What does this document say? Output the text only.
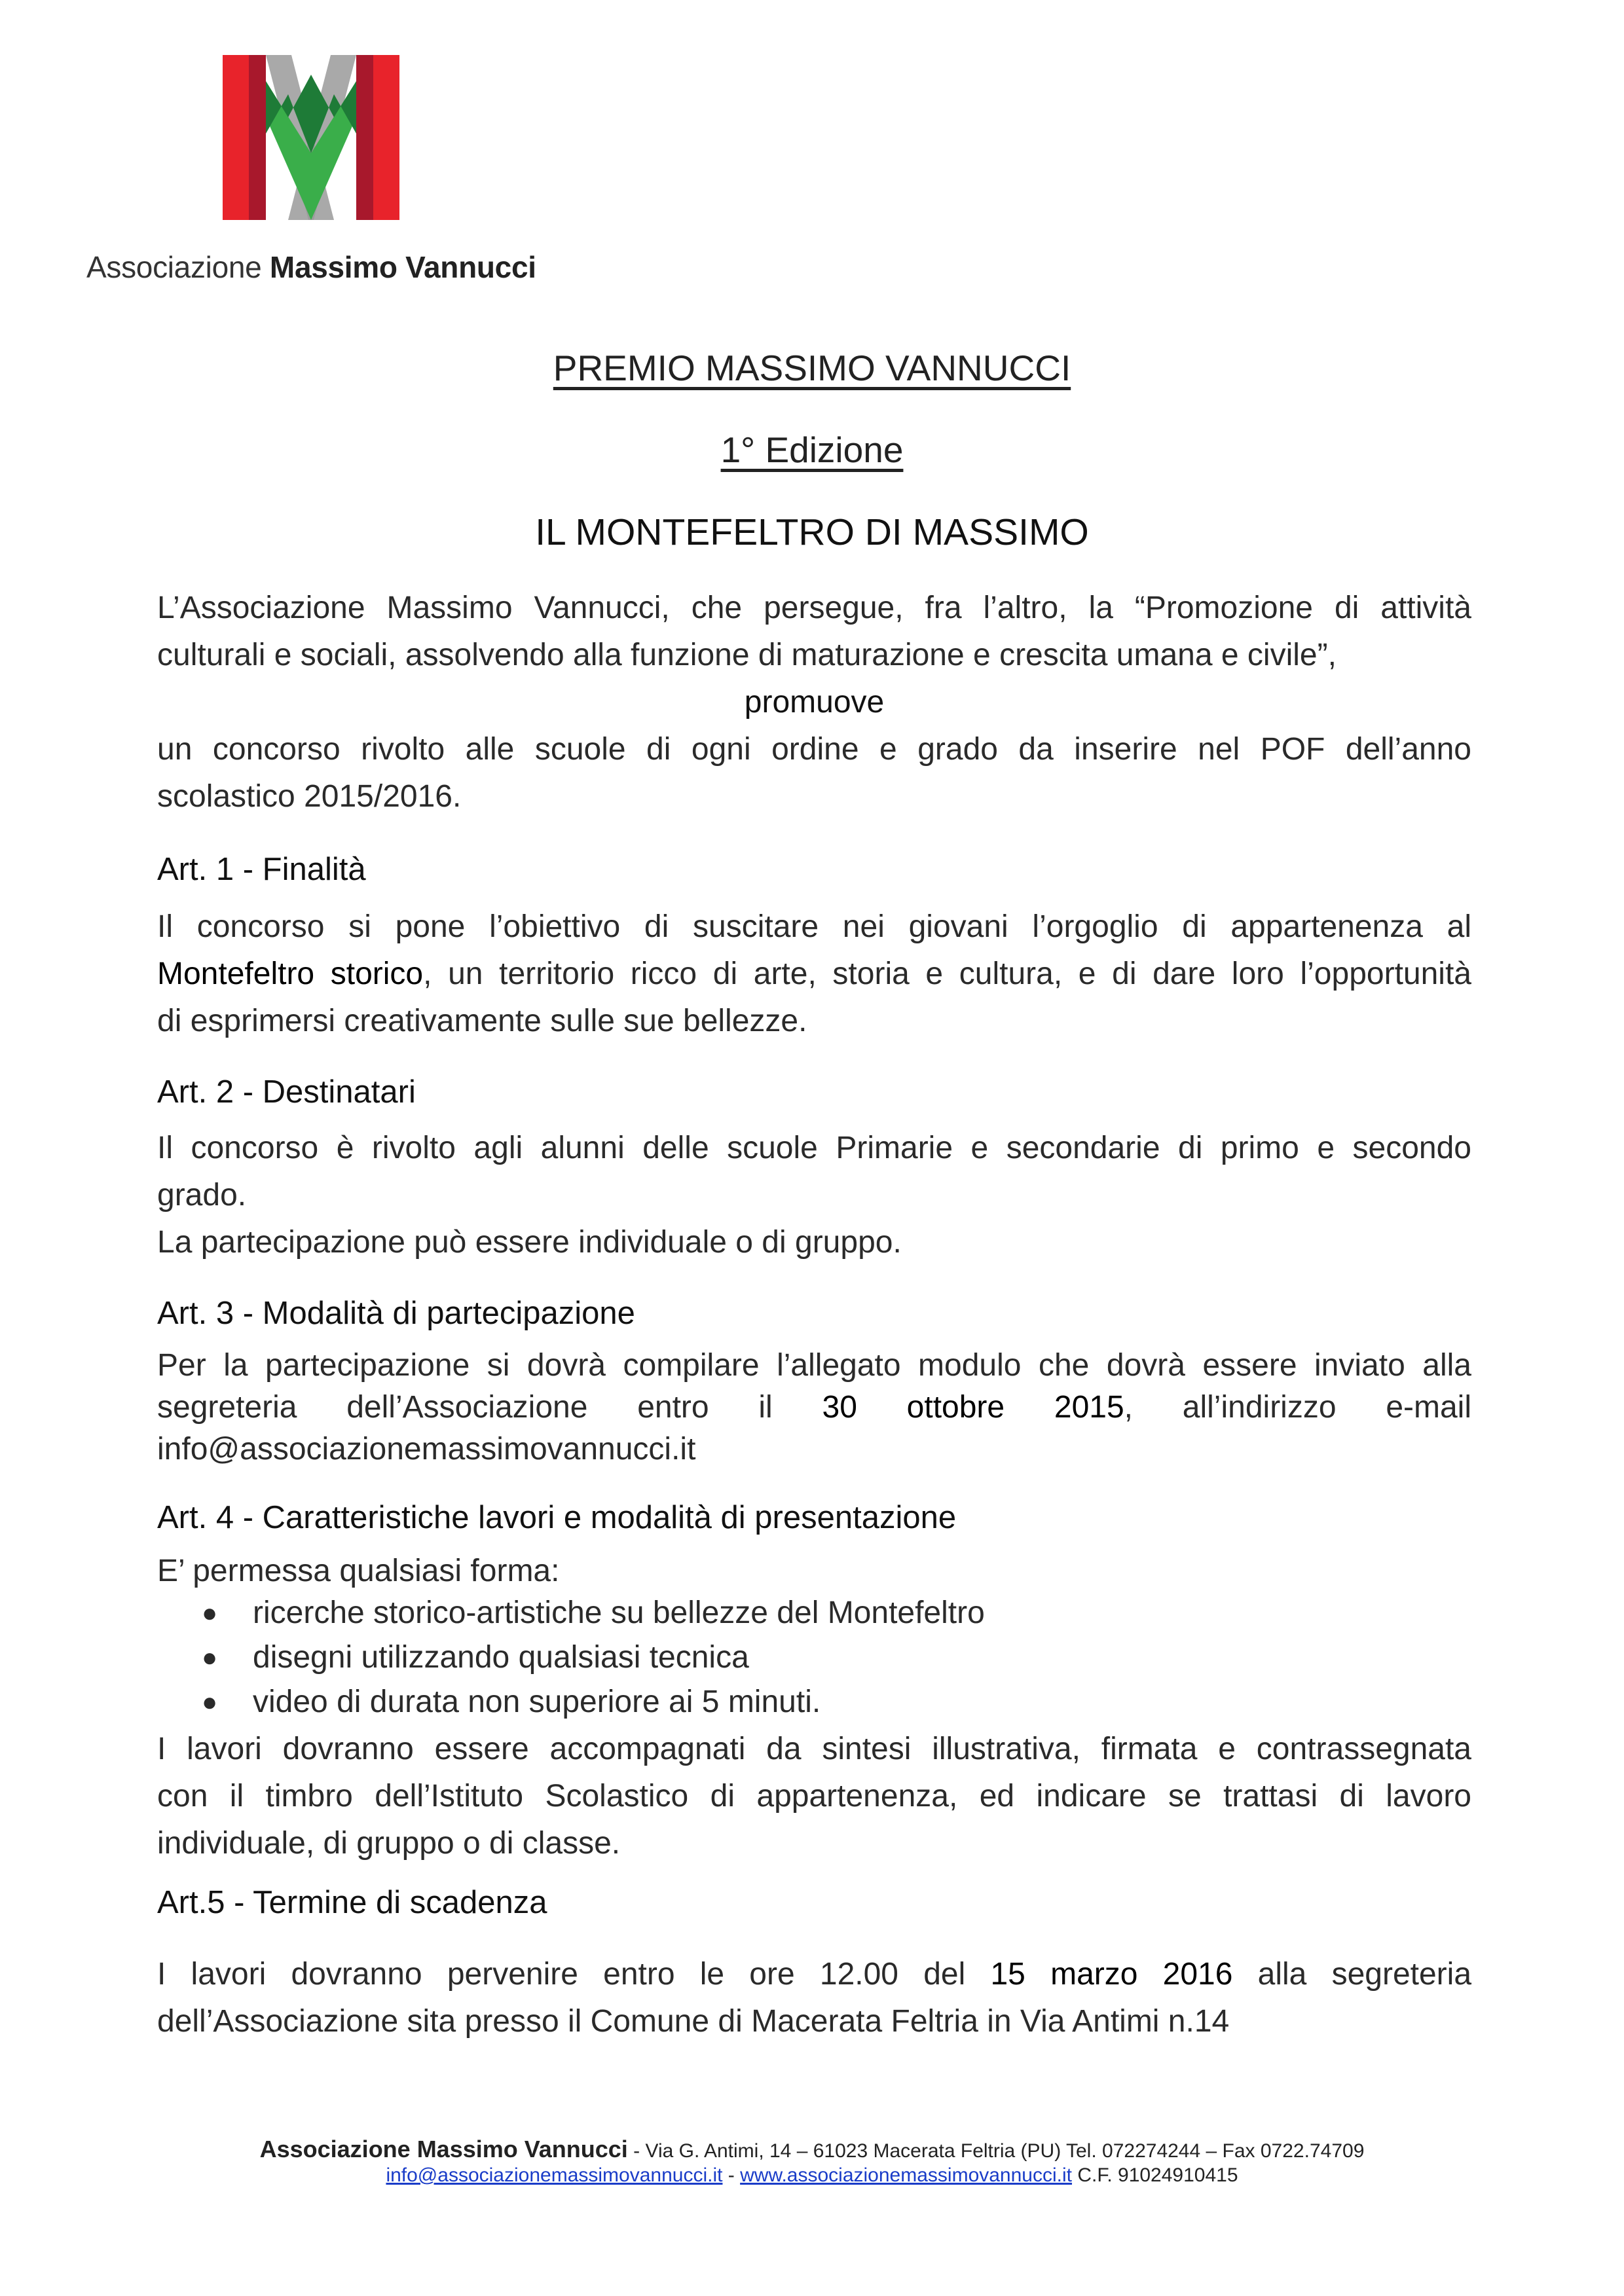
Associazione Massimo Vannucci
PREMIO MASSIMO VANNUCCI
1° Edizione
IL MONTEFELTRO DI MASSIMO
L’Associazione Massimo Vannucci, che persegue, fra l’altro, la “Promozione di attività
culturali e sociali, assolvendo alla funzione di maturazione e crescita umana e civile”,
promuove
un concorso rivolto alle scuole di ogni ordine e grado da inserire nel POF dell’anno
scolastico 2015/2016.
Art. 1 - Finalità
Il concorso si pone l’obiettivo di suscitare nei giovani l’orgoglio di appartenenza al
Montefeltro storico, un territorio ricco di arte, storia e cultura, e di dare loro l’opportunità
di esprimersi creativamente sulle sue bellezze.
Art. 2 - Destinatari
Il concorso è rivolto agli alunni delle scuole Primarie e secondarie di primo e secondo
grado.
La partecipazione può essere individuale o di gruppo.
Art. 3 - Modalità di partecipazione
Per la partecipazione si dovrà compilare l’allegato modulo che dovrà essere inviato alla
segreteria dell’Associazione entro il 30 ottobre 2015, all’indirizzo e-mail
info@associazionemassimovannucci.it
Art. 4 - Caratteristiche lavori e modalità di presentazione
E’ permessa qualsiasi forma:
● ricerche storico-artistiche su bellezze del Montefeltro
● disegni utilizzando qualsiasi tecnica
● video di durata non superiore ai 5 minuti.
I lavori dovranno essere accompagnati da sintesi illustrativa, firmata e contrassegnata
con il timbro dell’Istituto Scolastico di appartenenza, ed indicare se trattasi di lavoro
individuale, di gruppo o di classe.
Art.5 - Termine di scadenza
I lavori dovranno pervenire entro le ore 12.00 del 15 marzo 2016 alla segreteria
dell’Associazione sita presso il Comune di Macerata Feltria in Via Antimi n.14
Associazione Massimo Vannucci - Via G. Antimi, 14 – 61023 Macerata Feltria (PU) Tel. 072274244 – Fax 0722.74709
info@associazionemassimovannucci.it - www.associazionemassimovannucci.it C.F. 91024910415
